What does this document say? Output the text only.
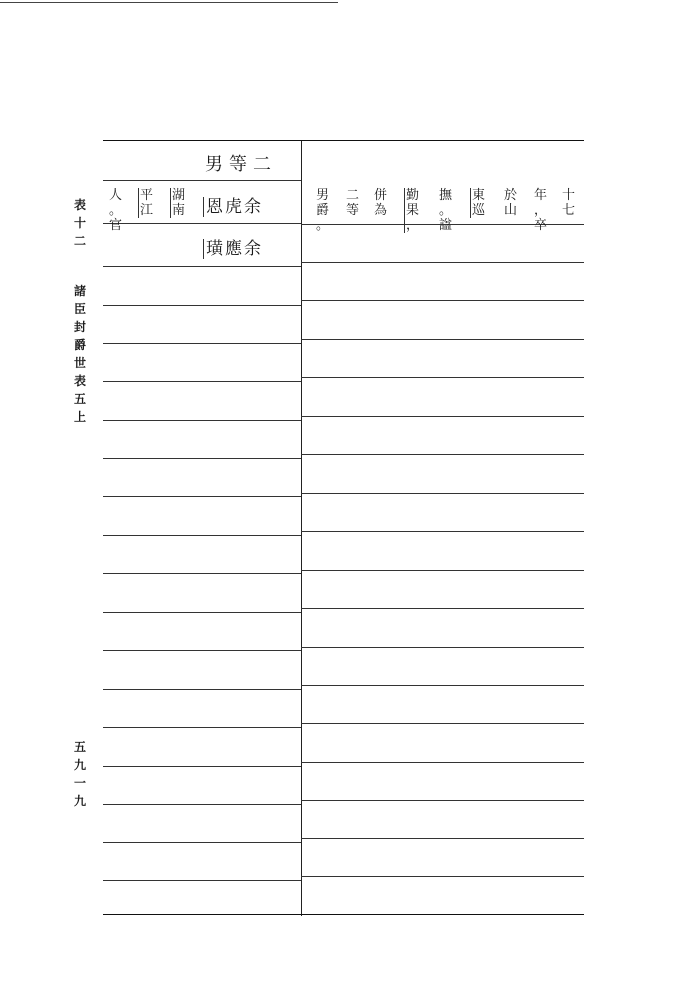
表
十
二
諸
臣
封
爵
世
表
五
上
五
九
一
九
二等男
余虎恩
湖
南
平
江
人
。
官
余應璜
十
七
年
，
卒
於
山
東
巡
撫
。
諡
勤
果
，
併
為
二
等
男
爵
。
